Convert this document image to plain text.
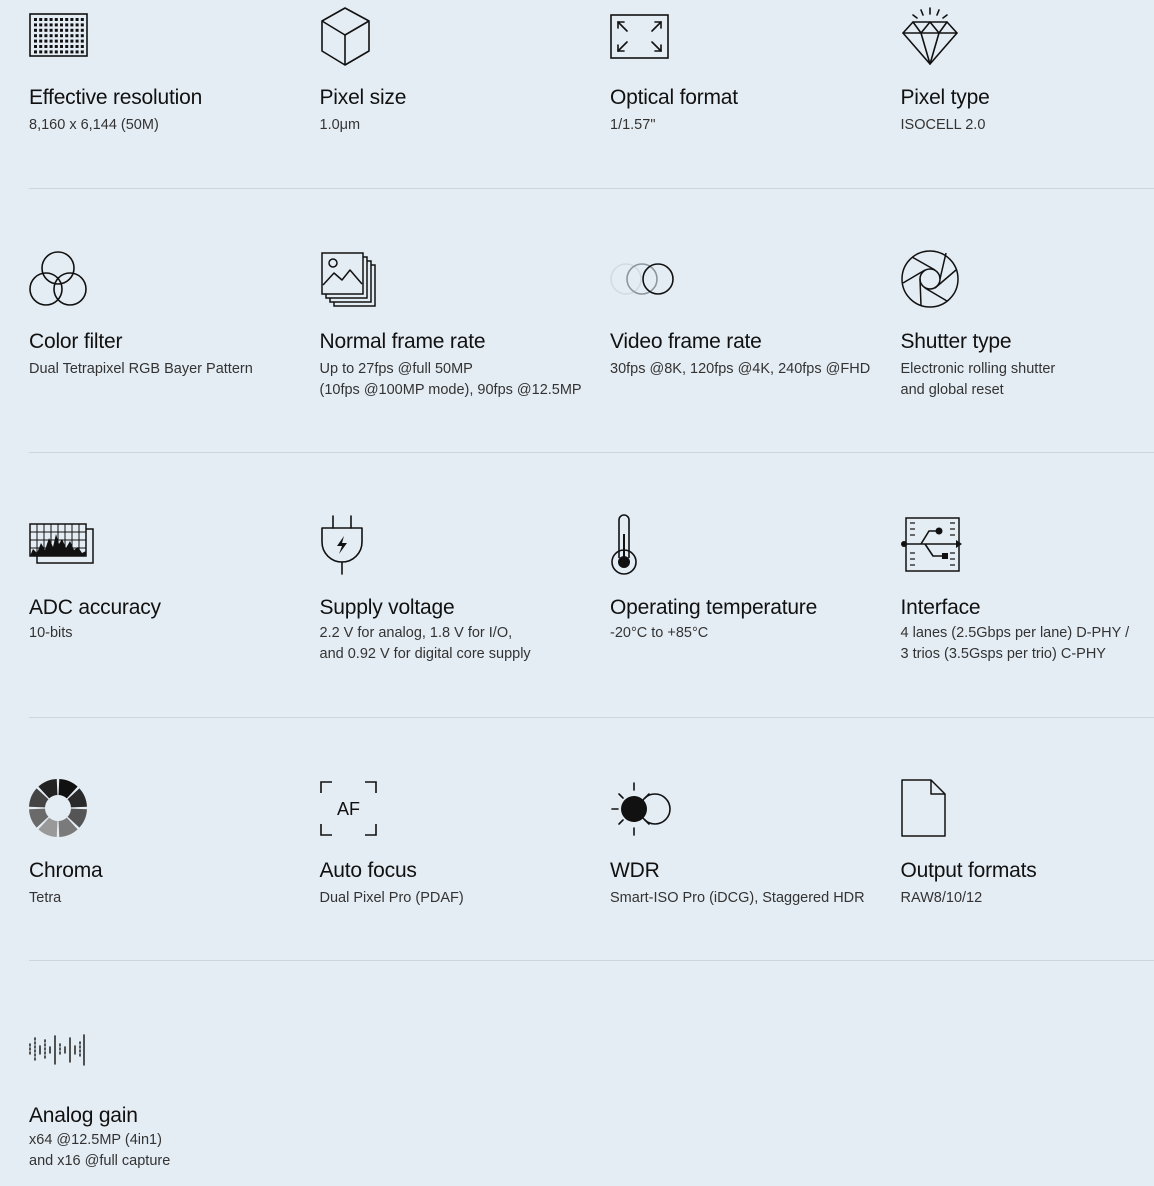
Effective resolution
8,160 x 6,144 (50M)
Pixel size
1.0μm
Optical format
1/1.57"
Pixel type
ISOCELL 2.0
Color filter
Dual Tetrapixel RGB Bayer Pattern
Normal frame rate
Up to 27fps @full 50MP
(10fps @100MP mode), 90fps @12.5MP
Video frame rate
30fps @8K, 120fps @4K, 240fps @FHD
Shutter type
Electronic rolling shutter
and global reset
ADC accuracy
10-bits
Supply voltage
2.2 V for analog, 1.8 V for I/O,
and 0.92 V for digital core supply
Operating temperature
-20°C to +85°C
Interface
4 lanes (2.5Gbps per lane) D-PHY /
3 trios (3.5Gsps per trio) C-PHY
Chroma
Tetra
AF
Auto focus
Dual Pixel Pro (PDAF)
WDR
Smart-ISO Pro (iDCG), Staggered HDR
Output formats
RAW8/10/12
Analog gain
x64 @12.5MP (4in1)
and x16 @full capture
